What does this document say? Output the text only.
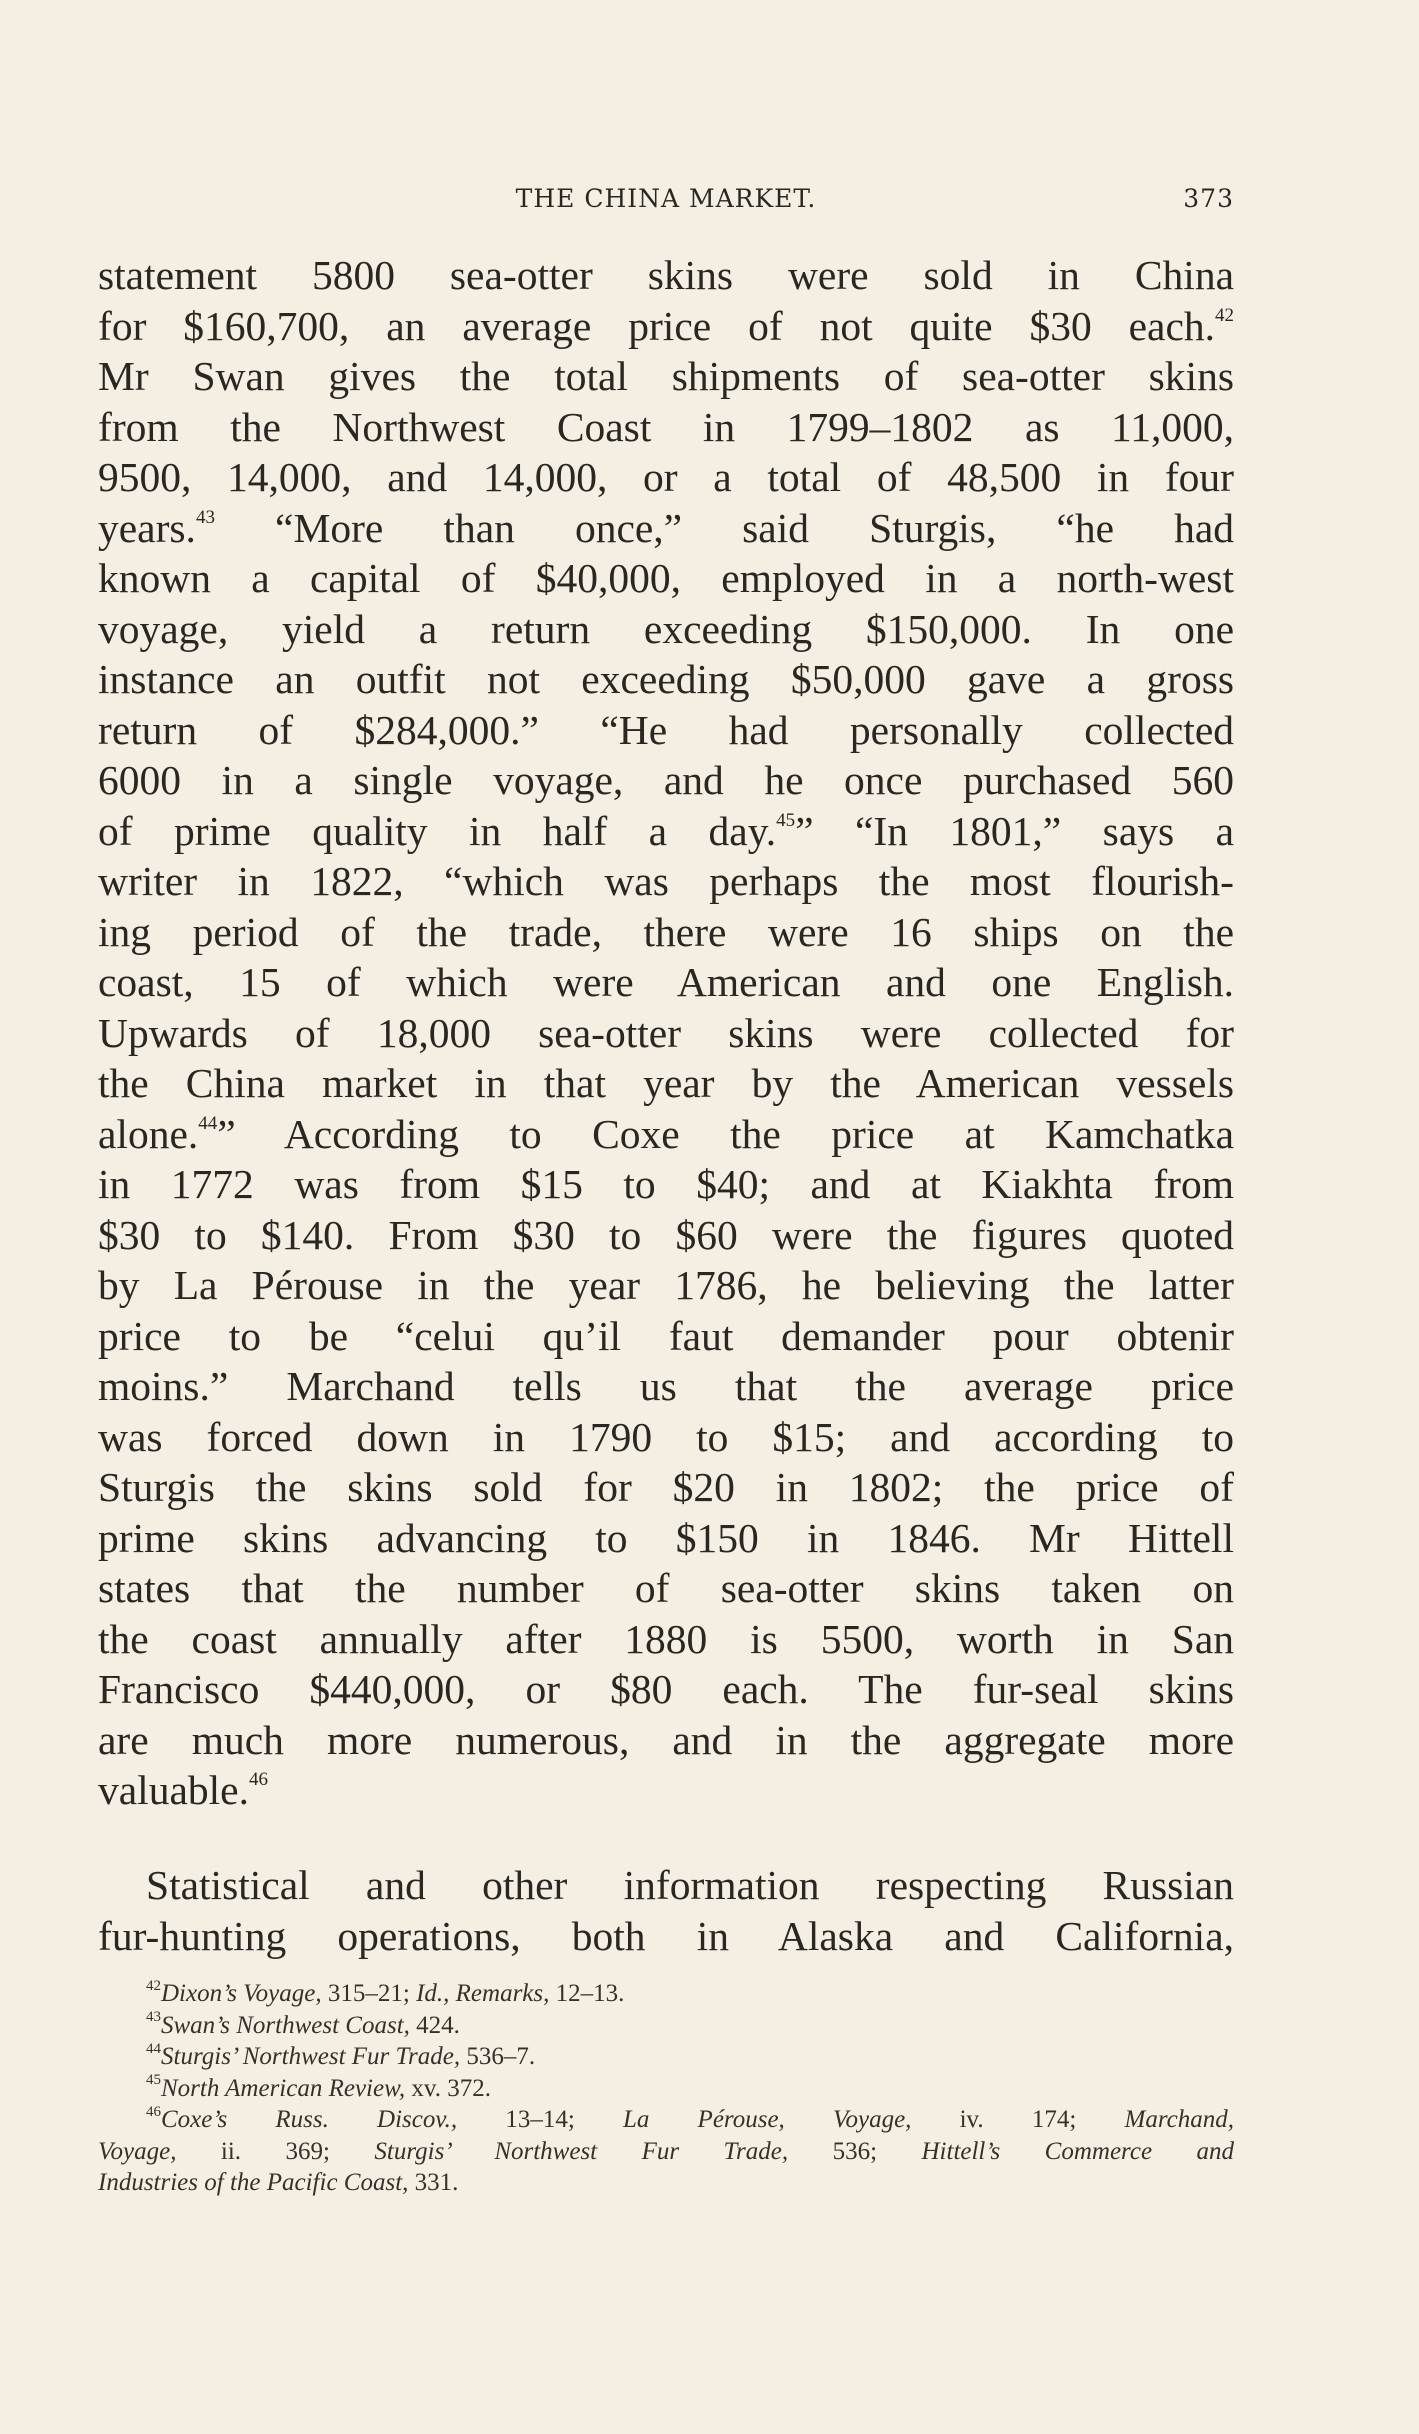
THE CHINA MARKET.	373
statement 5800 sea-otter skins were sold in China
for $160,700, an average price of not quite $30 each.$^{42}$
Mr Swan gives the total shipments of sea-otter skins
from the Northwest Coast in 1799–1802 as 11,000,
9500, 14,000, and 14,000, or a total of 48,500 in four
years.$^{43}$ “More than once,” said Sturgis, “he had
known a capital of $40,000, employed in a north-west
voyage, yield a return exceeding $150,000. In one
instance an outfit not exceeding $50,000 gave a gross
return of $284,000.” “He had personally collected
6000 in a single voyage, and he once purchased 560
of prime quality in half a day.$^{45}$” “In 1801,” says a
writer in 1822, “which was perhaps the most flourish-
ing period of the trade, there were 16 ships on the
coast, 15 of which were American and one English.
Upwards of 18,000 sea-otter skins were collected for
the China market in that year by the American vessels
alone.$^{44}$” According to Coxe the price at Kamchatka
in 1772 was from $15 to $40; and at Kiakhta from
$30 to $140. From $30 to $60 were the figures quoted
by La Pérouse in the year 1786, he believing the latter
price to be “celui qu’il faut demander pour obtenir
moins.” Marchand tells us that the average price
was forced down in 1790 to $15; and according to
Sturgis the skins sold for $20 in 1802; the price of
prime skins advancing to $150 in 1846. Mr Hittell
states that the number of sea-otter skins taken on
the coast annually after 1880 is 5500, worth in San
Francisco $440,000, or $80 each. The fur-seal skins
are much more numerous, and in the aggregate more
valuable.$^{46}$
Statistical and other information respecting Russian
fur-hunting operations, both in Alaska and California,
$^{42}$Dixon’s Voyage, 315–21; Id., Remarks, 12–13.
$^{43}$Swan’s Northwest Coast, 424.
$^{44}$Sturgis’ Northwest Fur Trade, 536–7.
$^{45}$North American Review, xv. 372.
$^{46}$Coxe’s Russ. Discov., 13–14; La Pérouse, Voyage, iv. 174; Marchand,
Voyage, ii. 369; Sturgis’ Northwest Fur Trade, 536; Hittell’s Commerce and
Industries of the Pacific Coast, 331.
